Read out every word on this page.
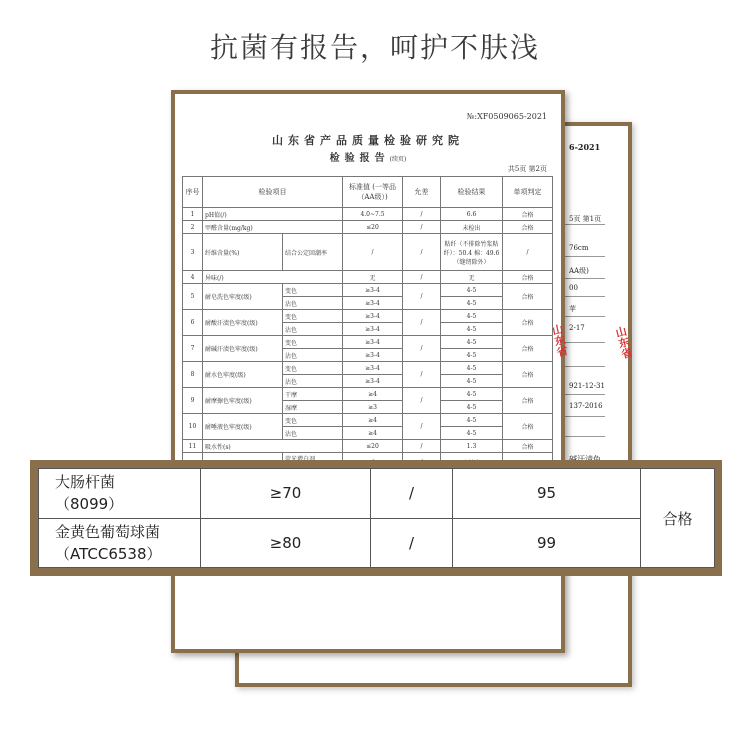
抗菌有报告，呵护不肤浅
6-2021
5页 第1页
76cm
AA级)
00
苹
2-17
921-12-31
137-2016
山东省
№:XF0509065-2021
山东省产品质量检验研究院
检验报告(续页)
共5页 第2页
山东省
序号	检验项目		标准值 (一等品（AA级）)	允差	检验结果	单项判定
1	pH值(/)		4.0~7.5	/	6.6	合格
2	甲醛含量(mg/kg)		≤20	/	未检出	合格
3	纤维含量(%)	结合公定回潮率	/	/	粘纤（不排除竹浆粘纤）：50.4 棉：49.6 （缝纫除外）	/
4	异味(/)		无	/	无	合格
5	耐皂洗色牢度(级)	变色	≥3-4	/	4-5	合格
		沾色	≥3-4		4-5	
6	耐酸汗渍色牢度(级)	变色	≥3-4	/	4-5	合格
		沾色	≥3-4		4-5	
7	耐碱汗渍色牢度(级)	变色	≥3-4	/	4-5	合格
		沾色	≥3-4		4-5	
8	耐水色牢度(级)	变色	≥3-4	/	4-5	合格
		沾色	≥3-4		4-5	
9	耐摩擦色牢度(级)	干摩	≥4	/	4-5	合格
		湿摩	≥3		4-5	
10	耐唾液色牢度(级)	变色	≥4	/	4-5	合格
		沾色	≥4		4-5	
11	吸水性(s)		≤20	/	1.3	合格

大肠杆菌
（8099）	≥70	/	95	合格

金黄色葡萄球菌
（ATCC6538）	≥80	/	99	
